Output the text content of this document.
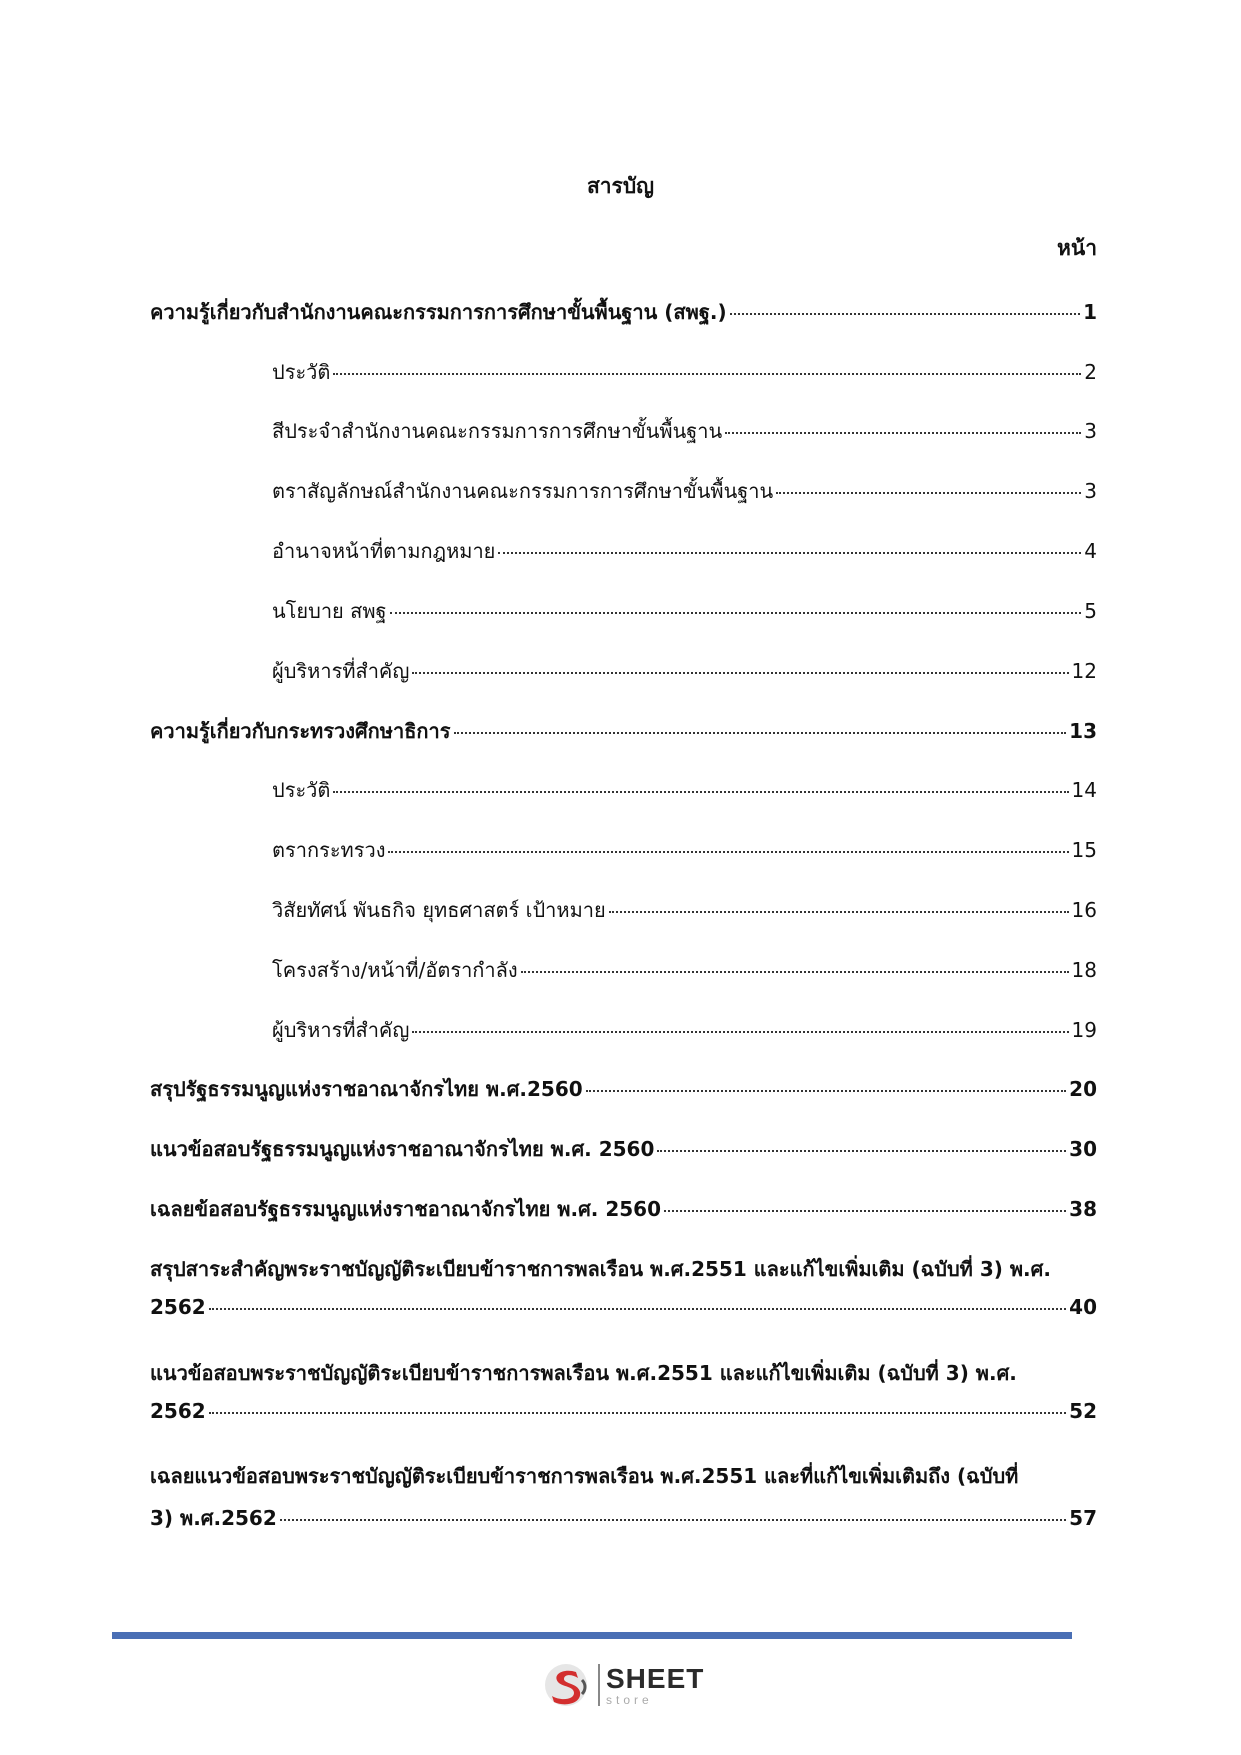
สารบัญ
หน้า
ความรู้เกี่ยวกับสำนักงานคณะกรรมการการศึกษาขั้นพื้นฐาน (สพฐ.)	1
ประวัติ	2
สีประจำสำนักงานคณะกรรมการการศึกษาขั้นพื้นฐาน	3
ตราสัญลักษณ์สำนักงานคณะกรรมการการศึกษาขั้นพื้นฐาน	3
อำนาจหน้าที่ตามกฎหมาย	4
นโยบาย สพฐ	5
ผู้บริหารที่สำคัญ	12
ความรู้เกี่ยวกับกระทรวงศึกษาธิการ	13
ประวัติ	14
ตรากระทรวง	15
วิสัยทัศน์ พันธกิจ ยุทธศาสตร์ เป้าหมาย	16
โครงสร้าง/หน้าที่/อัตรากำลัง	18
ผู้บริหารที่สำคัญ	19
สรุปรัฐธรรมนูญแห่งราชอาณาจักรไทย พ.ศ.2560	20
แนวข้อสอบรัฐธรรมนูญแห่งราชอาณาจักรไทย พ.ศ. 2560	30
เฉลยข้อสอบรัฐธรรมนูญแห่งราชอาณาจักรไทย พ.ศ. 2560	38
สรุปสาระสำคัญพระราชบัญญัติระเบียบข้าราชการพลเรือน พ.ศ.2551 และแก้ไขเพิ่มเติม (ฉบับที่ 3) พ.ศ.
2562	40
แนวข้อสอบพระราชบัญญัติระเบียบข้าราชการพลเรือน พ.ศ.2551 และแก้ไขเพิ่มเติม (ฉบับที่ 3) พ.ศ.
2562	52
เฉลยแนวข้อสอบพระราชบัญญัติระเบียบข้าราชการพลเรือน พ.ศ.2551 และที่แก้ไขเพิ่มเติมถึง (ฉบับที่
3) พ.ศ.2562	57
SHEET
store
